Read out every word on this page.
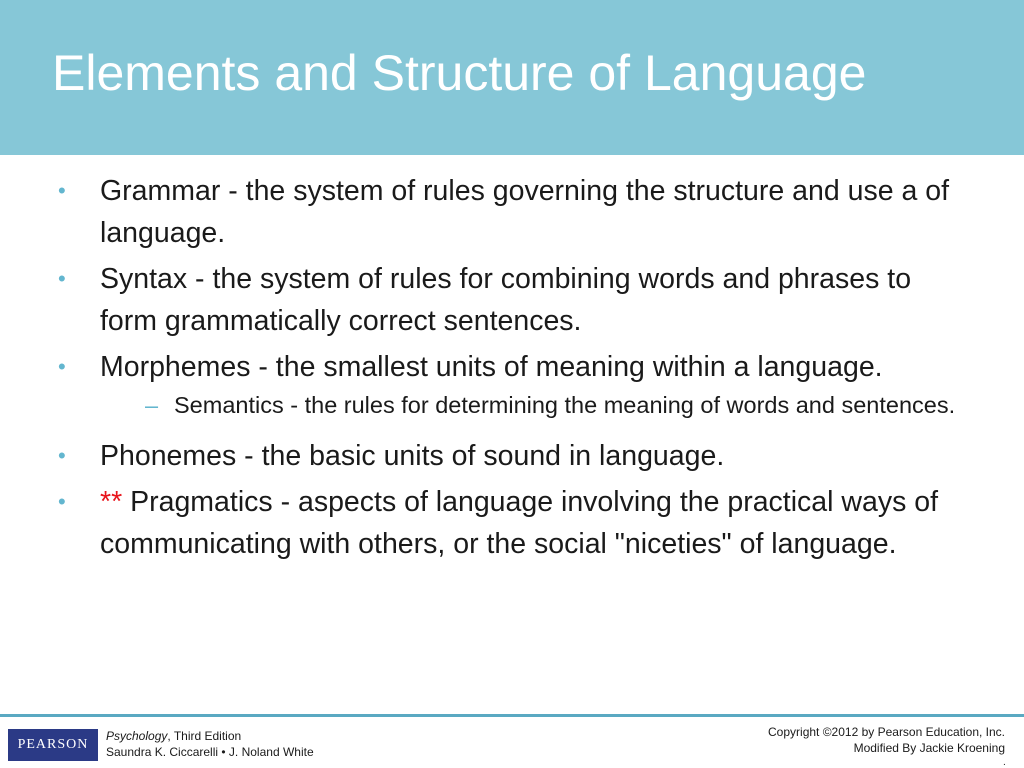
Elements and Structure of Language
• Grammar - the system of rules governing the structure and use a of language.
• Syntax - the system of rules for combining words and phrases to form grammatically correct sentences.
• Morphemes - the smallest units of meaning within a language.
– Semantics - the rules for determining the meaning of words and sentences.
• Phonemes - the basic units of sound in language.
• ** Pragmatics - aspects of language involving the practical ways of communicating with others, or the social "niceties" of language.
PEARSON
Psychology, Third Edition
Saundra K. Ciccarelli • J. Noland White
Copyright ©2012 by Pearson Education, Inc.
Modified By Jackie Kroening
.
